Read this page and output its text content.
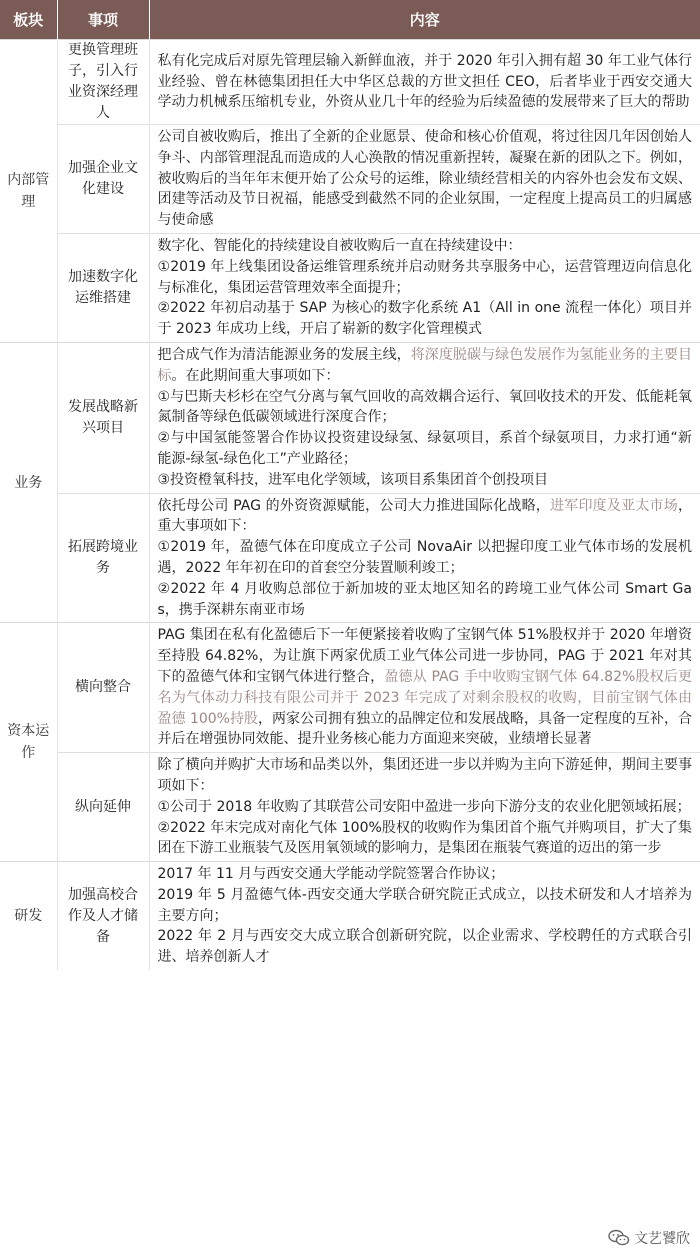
板块	事项	内容
内部管理	更换管理班子，引入行业资深经理人	私有化完成后对原先管理层输入新鲜血液，并于 2020 年引入拥有超 30 年工业气体行业经验、曾在林德集团担任大中华区总裁的方世文担任 CEO，后者毕业于西安交通大学动力机械系压缩机专业，外资从业几十年的经验为后续盈德的发展带来了巨大的帮助
	加强企业文化建设	公司自被收购后，推出了全新的企业愿景、使命和核心价值观，将过往因几年因创始人争斗、内部管理混乱而造成的人心涣散的情况重新捏转，凝聚在新的团队之下。例如，被收购后的当年年末便开始了公众号的运维，除业绩经营相关的内容外也会发布文娱、团建等活动及节日祝福，能感受到截然不同的企业氛围，一定程度上提高员工的归属感与使命感
	加速数字化运维搭建	数字化、智能化的持续建设自被收购后一直在持续建设中：
①2019 年上线集团设备运维管理系统并启动财务共享服务中心，运营管理迈向信息化与标准化，集团运营管理效率全面提升；
②2022 年初启动基于 SAP 为核心的数字化系统 A1（All in one 流程一体化）项目并于 2023 年成功上线，开启了崭新的数字化管理模式

业务	发展战略新兴项目	把合成气作为清洁能源业务的发展主线，将深度脱碳与绿色发展作为氢能业务的主要目标。在此期间重大事项如下：
①与巴斯夫杉杉在空气分离与氧气回收的高效耦合运行、氧回收技术的开发、低能耗氧氮制备等绿色低碳领域进行深度合作；
②与中国氢能签署合作协议投资建设绿氢、绿氨项目，系首个绿氨项目，力求打通“新能源-绿氢-绿色化工”产业路径；
③投资橙氧科技，进军电化学领域，该项目系集团首个创投项目

	拓展跨境业务	依托母公司 PAG 的外资资源赋能，公司大力推进国际化战略，进军印度及亚太市场，重大事项如下：
①2019 年，盈德气体在印度成立子公司 NovaAir 以把握印度工业气体市场的发展机遇，2022 年年初在印的首套空分装置顺利竣工；
②2022 年 4 月收购总部位于新加坡的亚太地区知名的跨境工业气体公司 Smart Gas，携手深耕东南亚市场

资本运作	横向整合	PAG 集团在私有化盈德后下一年便紧接着收购了宝钢气体 51%股权并于 2020 年增资至持股 64.82%，为让旗下两家优质工业气体公司进一步协同，PAG 于 2021 年对其下的盈德气体和宝钢气体进行整合，盈德从 PAG 手中收购宝钢气体 64.82%股权后更名为气体动力科技有限公司并于 2023 年完成了对剩余股权的收购，目前宝钢气体由盈德 100%持股，两家公司拥有独立的品牌定位和发展战略，具备一定程度的互补，合并后在增强协同效能、提升业务核心能力方面迎来突破，业绩增长显著
	纵向延伸	除了横向并购扩大市场和品类以外，集团还进一步以并购为主向下游延伸，期间主要事项如下：
①公司于 2018 年收购了其联营公司安阳中盈进一步向下游分支的农业化肥领域拓展；
②2022 年末完成对南化气体 100%股权的收购作为集团首个瓶气并购项目，扩大了集团在下游工业瓶装气及医用氧领域的影响力，是集团在瓶装气赛道的迈出的第一步

研发	加强高校合作及人才储备	2017 年 11 月与西安交通大学能动学院签署合作协议；
2019 年 5 月盈德气体-西安交通大学联合研究院正式成立，以技术研发和人才培养为主要方向；
2022 年 2 月与西安交大成立联合创新研究院，以企业需求、学校聘任的方式联合引进、培养创新人才
文艺饕欣
